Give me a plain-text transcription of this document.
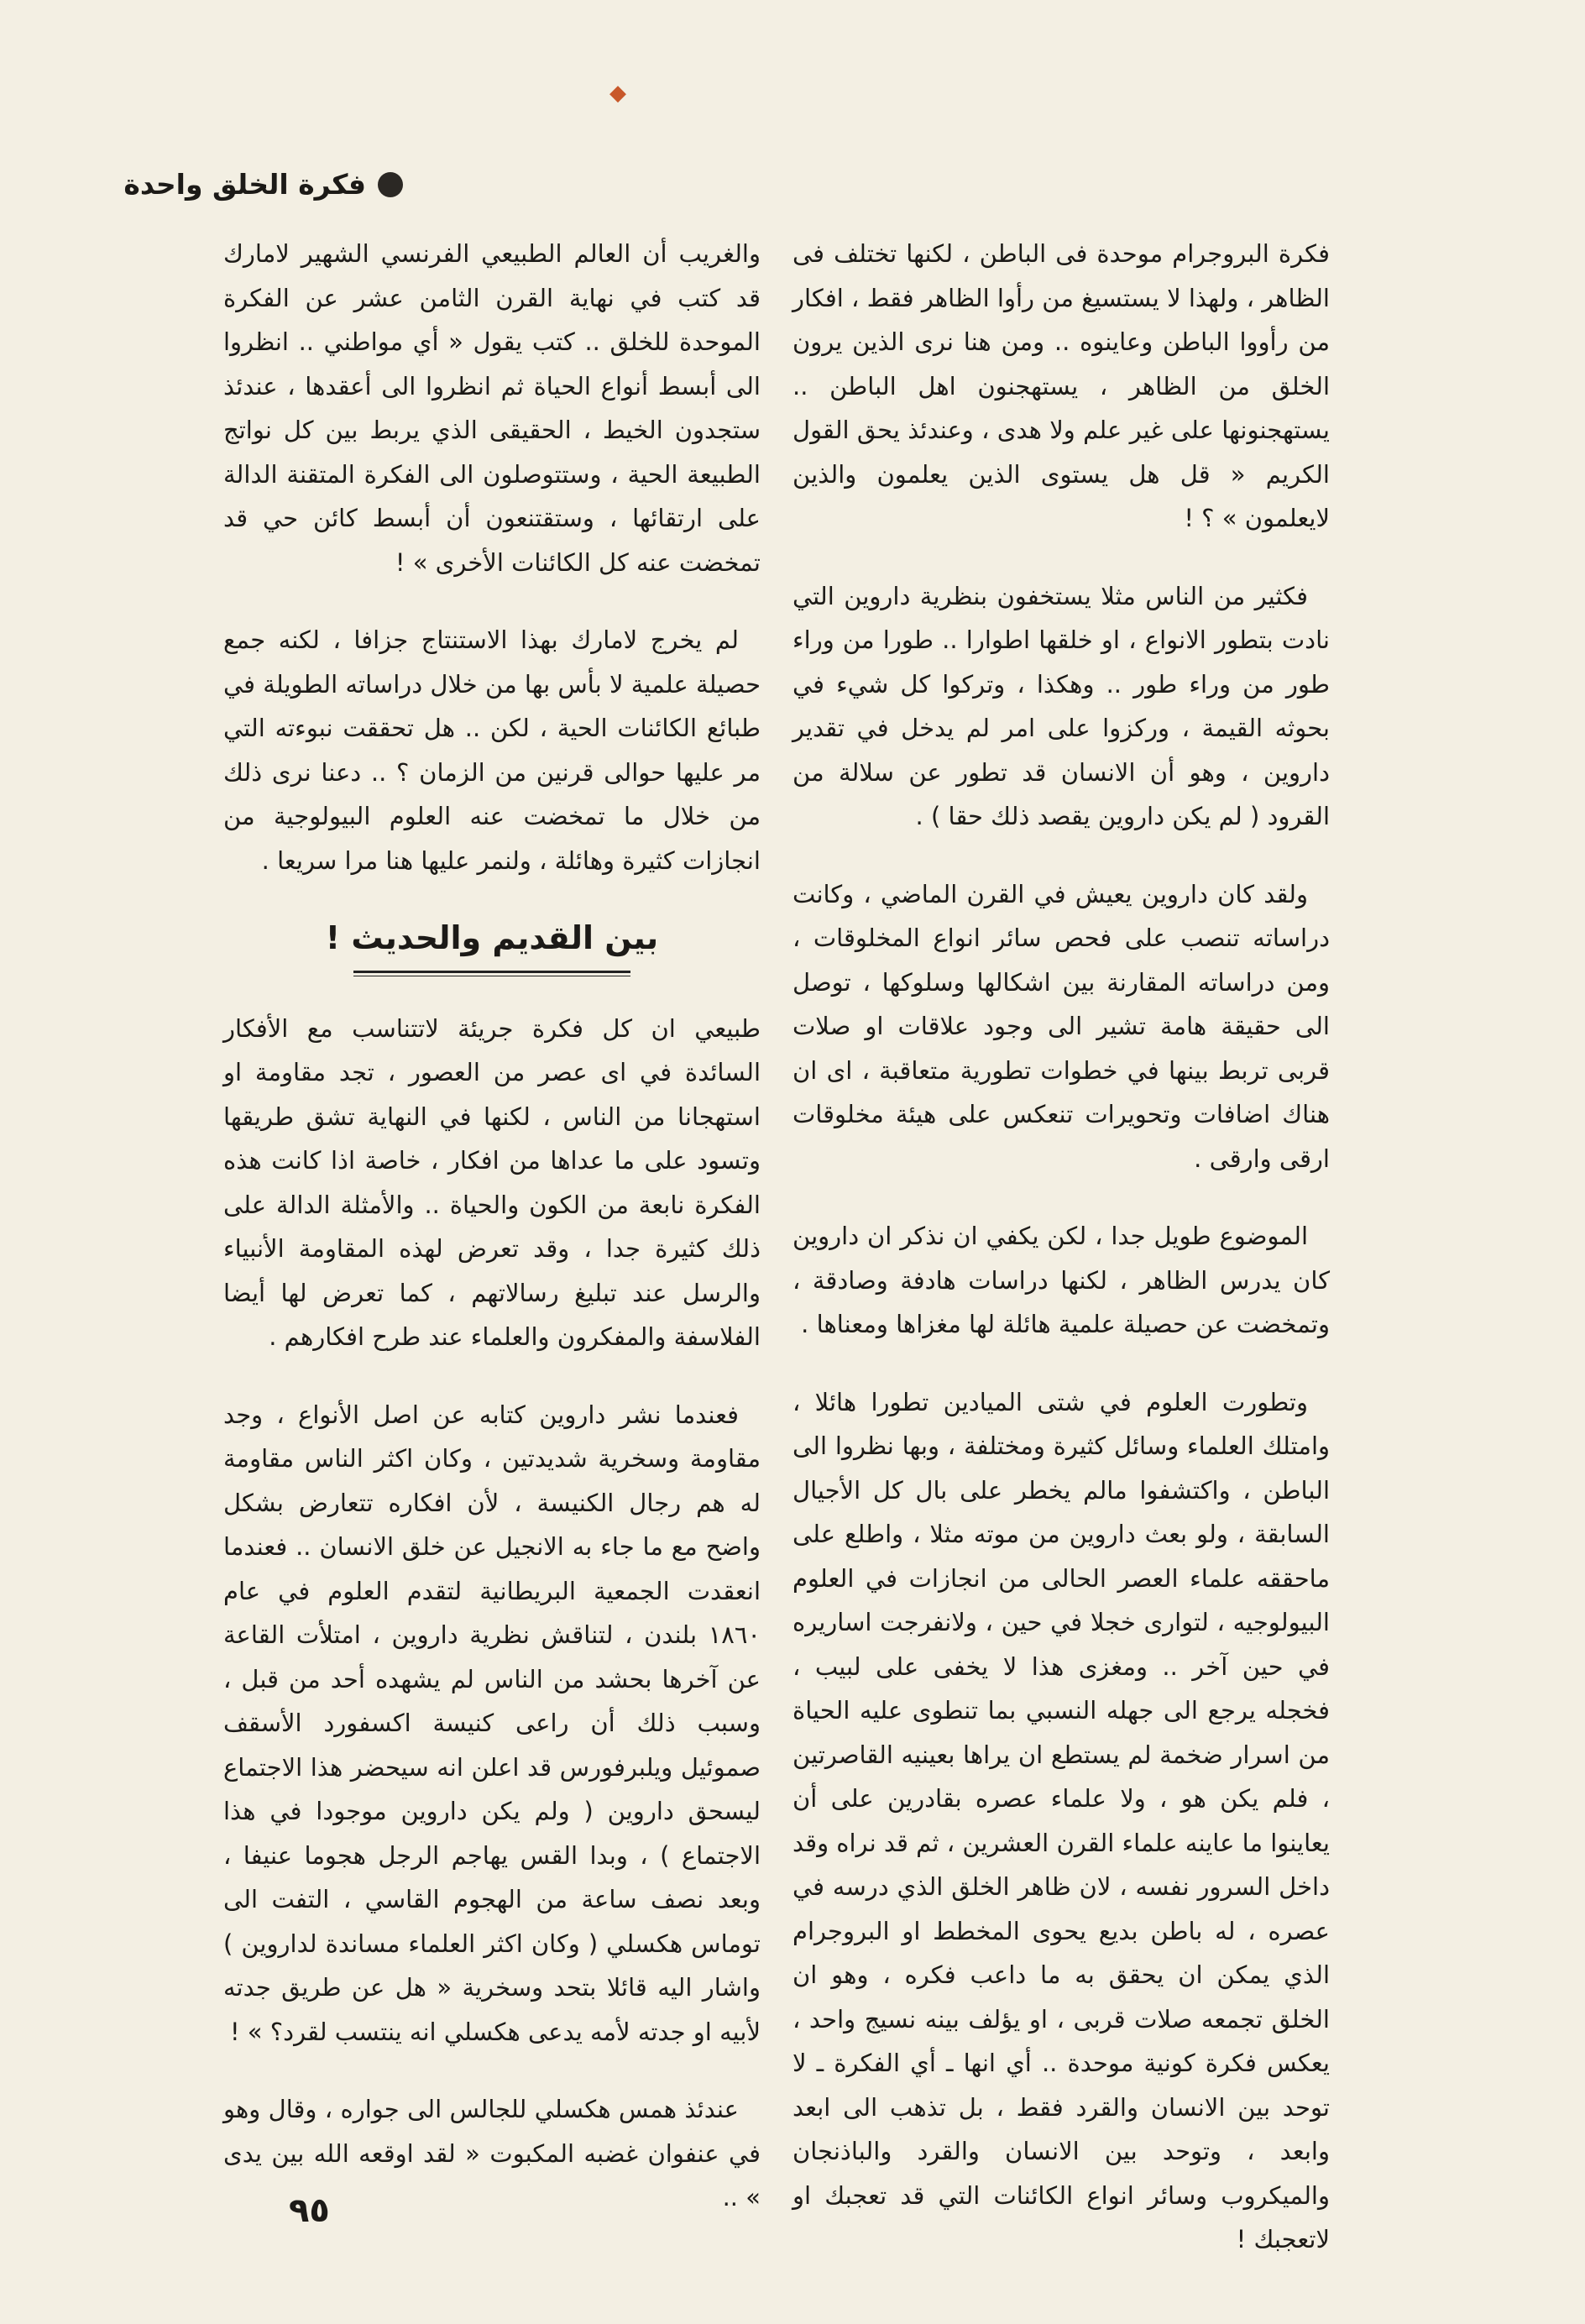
◆
فكرة الخلق واحدة

فكرة البروجرام موحدة فى الباطن ، لكنها تختلف فى الظاهر ، ولهذا لا يستسيغ من رأوا الظاهر فقط ، افكار من رأووا الباطن وعاينوه .. ومن هنا نرى الذين يرون الخلق من الظاهر ، يستهجنون اهل الباطن .. يستهجنونها على غير علم ولا هدى ، وعندئذ يحق القول الكريم « قل هل يستوى الذين يعلمون والذين لايعلمون » ؟ !

فكثير من الناس مثلا يستخفون بنظرية داروين التي نادت بتطور الانواع ، او خلقها اطوارا .. طورا من وراء طور من وراء طور .. وهكذا ، وتركوا كل شيء في بحوثه القيمة ، وركزوا على امر لم يدخل في تقدير داروين ، وهو أن الانسان قد تطور عن سلالة من القرود ( لم يكن داروين يقصد ذلك حقا ) .

ولقد كان داروين يعيش في القرن الماضي ، وكانت دراساته تنصب على فحص سائر انواع المخلوقات ، ومن دراساته المقارنة بين اشكالها وسلوكها ، توصل الى حقيقة هامة تشير الى وجود علاقات او صلات قربى تربط بينها في خطوات تطورية متعاقبة ، اى ان هناك اضافات وتحويرات تنعكس على هيئة مخلوقات ارقى وارقى .

الموضوع طويل جدا ، لكن يكفي ان نذكر ان داروين كان يدرس الظاهر ، لكنها دراسات هادفة وصادقة ، وتمخضت عن حصيلة علمية هائلة لها مغزاها ومعناها .

وتطورت العلوم في شتى الميادين تطورا هائلا ، وامتلك العلماء وسائل كثيرة ومختلفة ، وبها نظروا الى الباطن ، واكتشفوا مالم يخطر على بال كل الأجيال السابقة ، ولو بعث داروين من موته مثلا ، واطلع على ماحققه علماء العصر الحالى من انجازات في العلوم البيولوجيه ، لتوارى خجلا في حين ، ولانفرجت اساريره في حين آخر .. ومغزى هذا لا يخفى على لبيب ، فخجله يرجع الى جهله النسبي بما تنطوى عليه الحياة من اسرار ضخمة لم يستطع ان يراها بعينيه القاصرتين ، فلم يكن هو ، ولا علماء عصره بقادرين على أن يعاينوا ما عاينه علماء القرن العشرين ، ثم قد نراه وقد داخل السرور نفسه ، لان ظاهر الخلق الذي درسه في عصره ، له باطن بديع يحوى المخطط او البروجرام الذي يمكن ان يحقق به ما داعب فكره ، وهو ان الخلق تجمعه صلات قربى ، او يؤلف بينه نسيج واحد ، يعكس فكرة كونية موحدة .. أي انها ـ أي الفكرة ـ لا توحد بين الانسان والقرد فقط ، بل تذهب الى ابعد وابعد ، وتوحد بين الانسان والقرد والباذنجان والميكروب وسائر انواع الكائنات التي قد تعجبك او لاتعجبك !

والغريب أن العالم الطبيعي الفرنسي الشهير لامارك قد كتب في نهاية القرن الثامن عشر عن الفكرة الموحدة للخلق .. كتب يقول « أي مواطني .. انظروا الى أبسط أنواع الحياة ثم انظروا الى أعقدها ، عندئذ ستجدون الخيط ، الحقيقى الذي يربط بين كل نواتج الطبيعة الحية ، وستتوصلون الى الفكرة المتقنة الدالة على ارتقائها ، وستقتنعون أن أبسط كائن حي قد تمخضت عنه كل الكائنات الأخرى » !

لم يخرج لامارك بهذا الاستنتاج جزافا ، لكنه جمع حصيلة علمية لا بأس بها من خلال دراساته الطويلة في طبائع الكائنات الحية ، لكن .. هل تحققت نبوءته التي مر عليها حوالى قرنين من الزمان ؟ .. دعنا نرى ذلك من خلال ما تمخضت عنه العلوم البيولوجية من انجازات كثيرة وهائلة ، ولنمر عليها هنا مرا سريعا .

بين القديم والحديث !

طبيعي ان كل فكرة جريئة لاتتناسب مع الأفكار السائدة في اى عصر من العصور ، تجد مقاومة او استهجانا من الناس ، لكنها في النهاية تشق طريقها وتسود على ما عداها من افكار ، خاصة اذا كانت هذه الفكرة نابعة من الكون والحياة .. والأمثلة الدالة على ذلك كثيرة جدا ، وقد تعرض لهذه المقاومة الأنبياء والرسل عند تبليغ رسالاتهم ، كما تعرض لها أيضا الفلاسفة والمفكرون والعلماء عند طرح افكارهم .

فعندما نشر داروين كتابه عن اصل الأنواع ، وجد مقاومة وسخرية شديدتين ، وكان اكثر الناس مقاومة له هم رجال الكنيسة ، لأن افكاره تتعارض بشكل واضح مع ما جاء به الانجيل عن خلق الانسان .. فعندما انعقدت الجمعية البريطانية لتقدم العلوم في عام ١٨٦٠ بلندن ، لتناقش نظرية داروين ، امتلأت القاعة عن آخرها بحشد من الناس لم يشهده أحد من قبل ، وسبب ذلك أن راعى كنيسة اكسفورد الأسقف صموئيل ويلبرفورس قد اعلن انه سيحضر هذا الاجتماع ليسحق داروين ( ولم يكن داروين موجودا في هذا الاجتماع ) ، وبدا القس يهاجم الرجل هجوما عنيفا ، وبعد نصف ساعة من الهجوم القاسي ، التفت الى توماس هكسلي ( وكان اكثر العلماء مساندة لداروين ) واشار اليه قائلا بتحد وسخرية « هل عن طريق جدته لأبيه او جدته لأمه يدعى هكسلي انه ينتسب لقرد؟ » !

عندئذ همس هكسلي للجالس الى جواره ، وقال وهو في عنفوان غضبه المكبوت « لقد اوقعه الله بين يدى » ..

٩٥
